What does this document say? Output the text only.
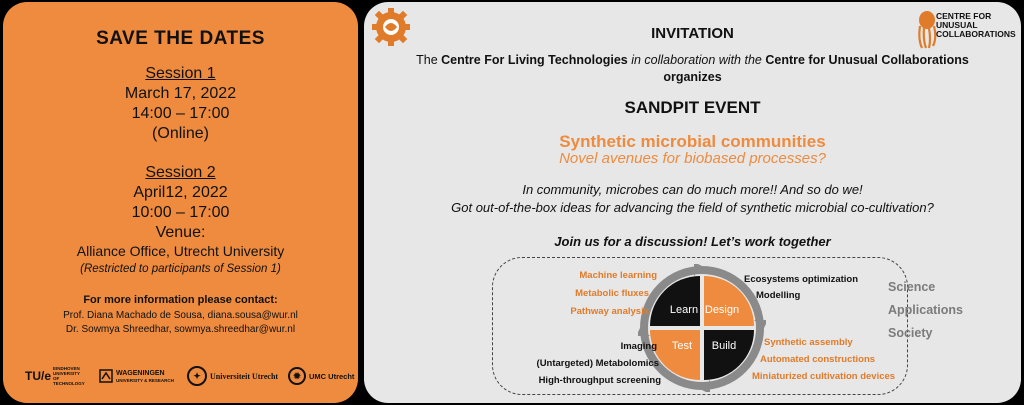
SAVE THE DATES
Session 1
March 17, 2022
14:00 – 17:00
(Online)
Session 2
April12, 2022
10:00 – 17:00
Venue:
Alliance Office, Utrecht University
(Restricted to participants of Session 1)
For more information please contact:
Prof. Diana Machado de Sousa, diana.sousa@wur.nl
Dr. Sowmya Shreedhar, sowmya.shreedhar@wur.nl
TU/e
EINDHOVEN UNIVERSITY OF TECHNOLOGY
WAGENINGEN
UNIVERSITY & RESEARCH	✦	Universiteit Utrecht	✹	UMC Utrecht
CENTRE FOR
UNUSUAL
COLLABORATIONS
INVITATION
The Centre For Living Technologies in collaboration with the Centre for Unusual Collaborations
organizes
SANDPIT EVENT
Synthetic microbial communities
Novel avenues for biobased processes?
In community, microbes can do much more!! And so do we!
Got out-of-the-box ideas for advancing the field of synthetic microbial co-cultivation?
Join us for a discussion! Let’s work together
Learn Design
Test Build
Machine learning
Metabolic fluxes
Pathway analysis
Ecosystems optimization
Modelling
Imaging
(Untargeted) Metabolomics
High-throughput screening
Synthetic assembly
Automated constructions
Miniaturized cultivation devices
Science
Applications
Society
